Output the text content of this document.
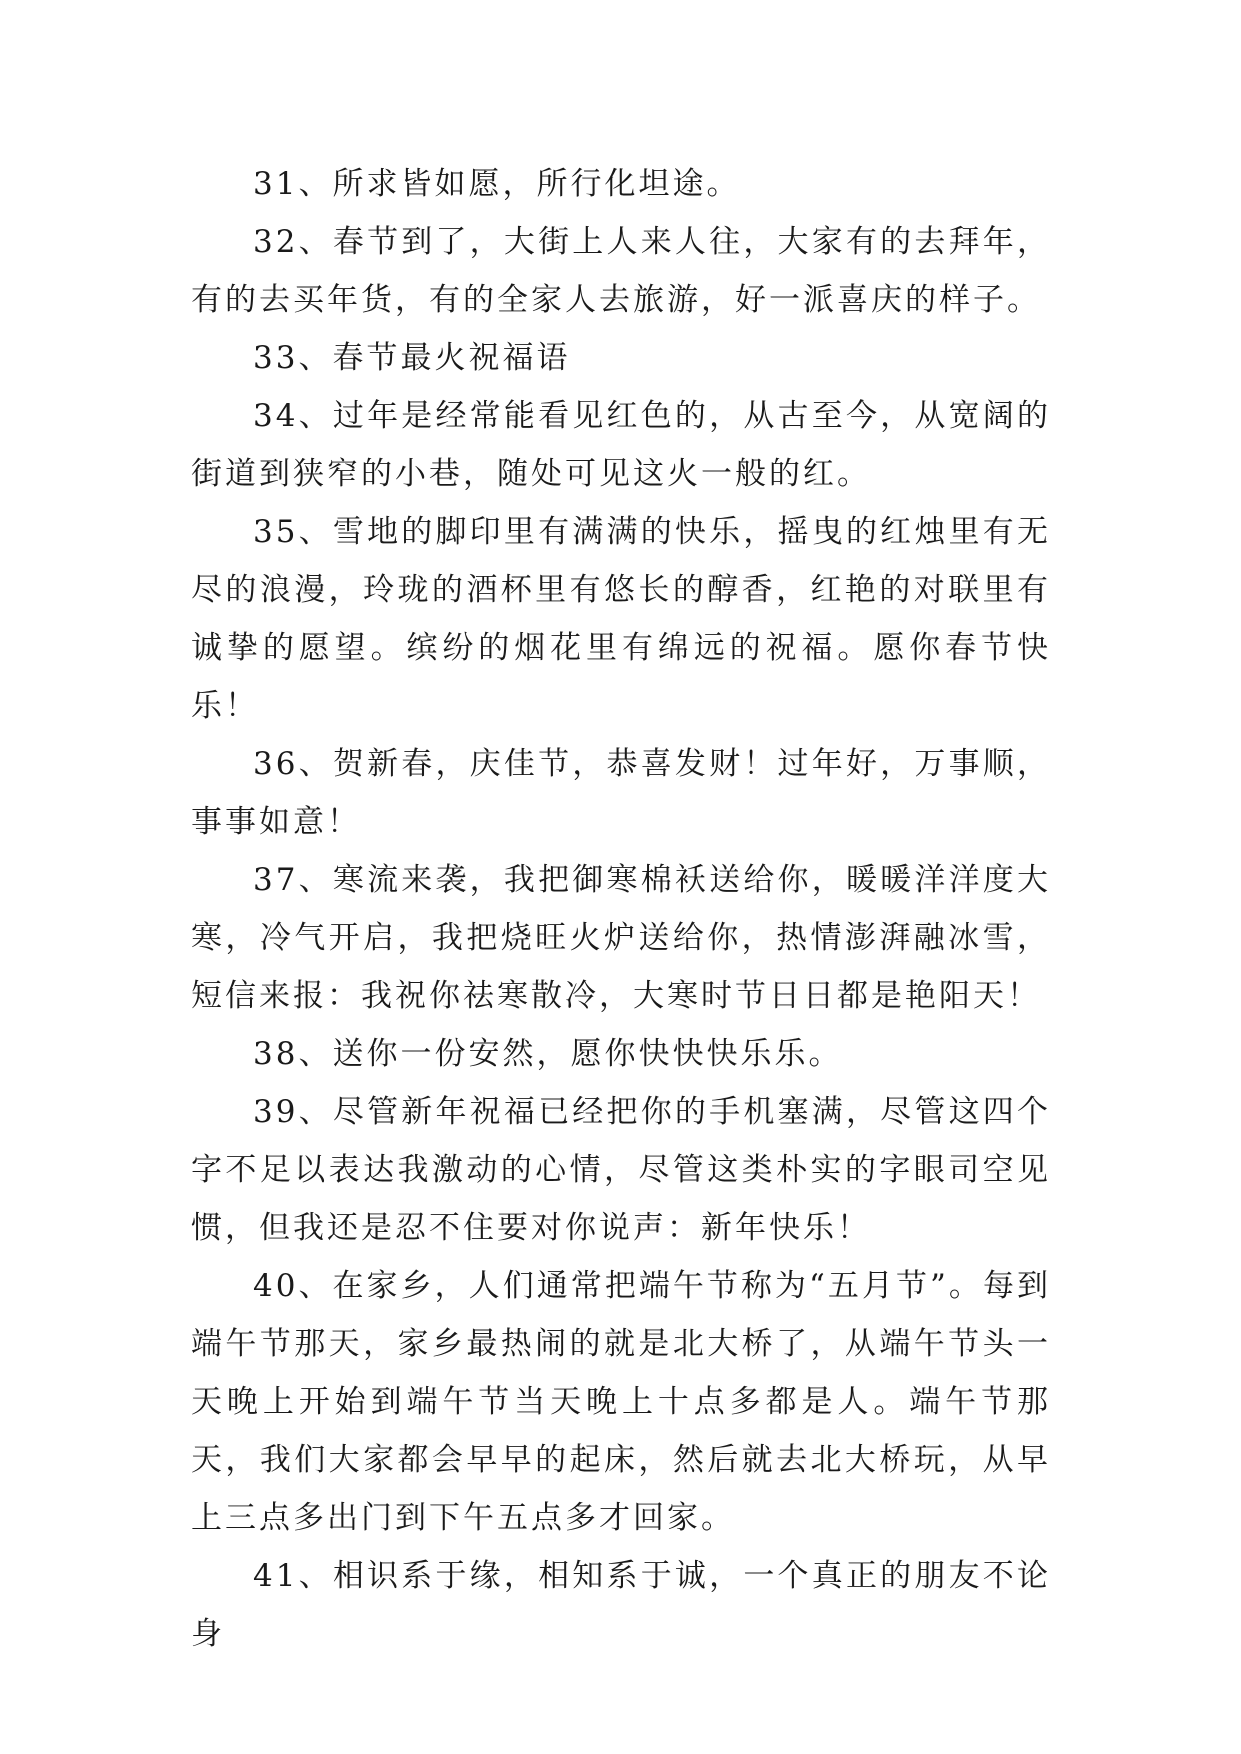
31、所求皆如愿，所行化坦途。

32、春节到了，大街上人来人往，大家有的去拜年，有的去买年货，有的全家人去旅游，好一派喜庆的样子。

33、春节最火祝福语

34、过年是经常能看见红色的，从古至今，从宽阔的街道到狭窄的小巷，随处可见这火一般的红。

35、雪地的脚印里有满满的快乐，摇曳的红烛里有无尽的浪漫，玲珑的酒杯里有悠长的醇香，红艳的对联里有诚挚的愿望。缤纷的烟花里有绵远的祝福。愿你春节快乐！

36、贺新春，庆佳节，恭喜发财！过年好，万事顺，事事如意！

37、寒流来袭，我把御寒棉袄送给你，暖暖洋洋度大寒，冷气开启，我把烧旺火炉送给你，热情澎湃融冰雪，短信来报：我祝你祛寒散冷，大寒时节日日都是艳阳天！

38、送你一份安然，愿你快快快乐乐。

39、尽管新年祝福已经把你的手机塞满，尽管这四个字不足以表达我激动的心情，尽管这类朴实的字眼司空见惯，但我还是忍不住要对你说声：新年快乐！

40、在家乡，人们通常把端午节称为“五月节”。每到端午节那天，家乡最热闹的就是北大桥了，从端午节头一天晚上开始到端午节当天晚上十点多都是人。端午节那天，我们大家都会早早的起床，然后就去北大桥玩，从早上三点多出门到下午五点多才回家。

41、相识系于缘，相知系于诚，一个真正的朋友不论身
